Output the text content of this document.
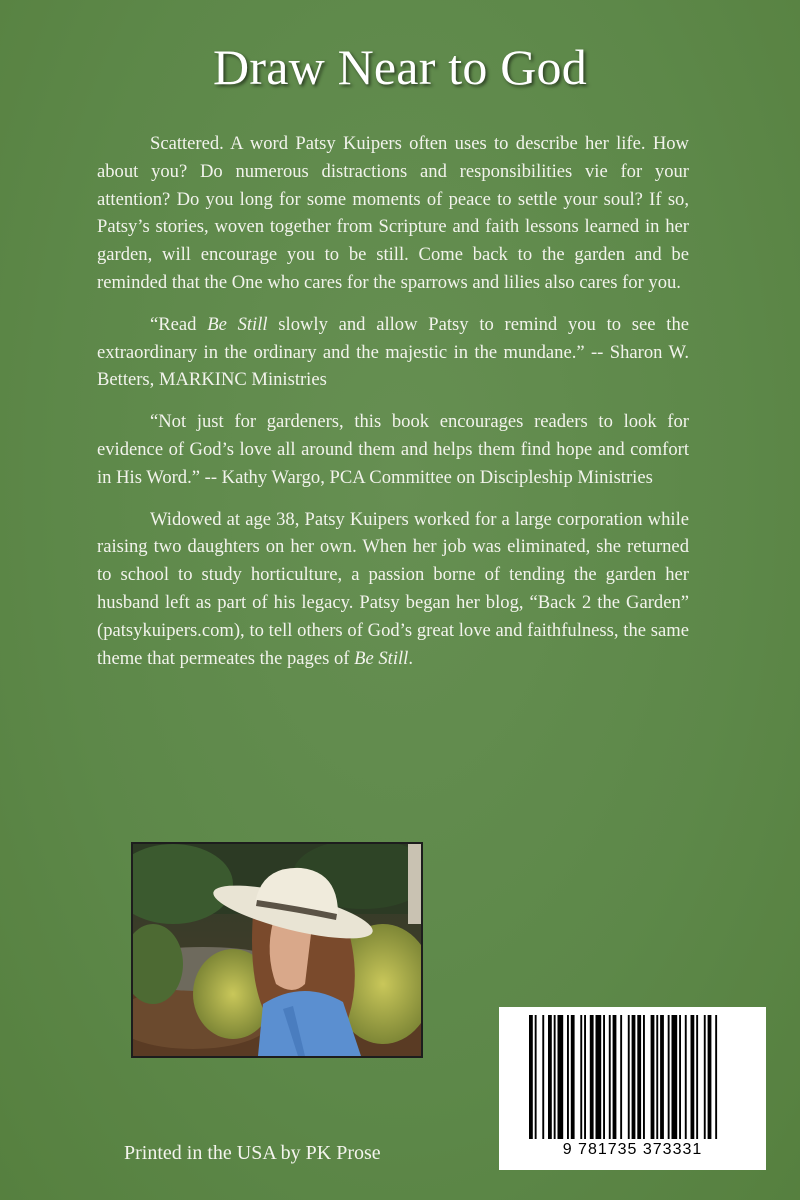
Draw Near to God

Scattered. A word Patsy Kuipers often uses to describe her life. How about you? Do numerous distractions and responsibilities vie for your attention? Do you long for some moments of peace to settle your soul? If so, Patsy’s stories, woven together from Scripture and faith lessons learned in her garden, will encourage you to be still. Come back to the garden and be reminded that the One who cares for the sparrows and lilies also cares for you.

“Read Be Still slowly and allow Patsy to remind you to see the extraordinary in the ordinary and the majestic in the mundane.” -- Sharon W. Betters, MARKINC Ministries

“Not just for gardeners, this book encourages readers to look for evidence of God’s love all around them and helps them find hope and comfort in His Word.” -- Kathy Wargo, PCA Committee on Discipleship Ministries

Widowed at age 38, Patsy Kuipers worked for a large corporation while raising two daughters on her own. When her job was eliminated, she returned to school to study horticulture, a passion borne of tending the garden her husband left as part of his legacy. Patsy began her blog, “Back 2 the Garden” (patsykuipers.com), to tell others of God’s great love and faithfulness, the same theme that permeates the pages of Be Still.

9 781735 373331
Printed in the USA by PK Prose
